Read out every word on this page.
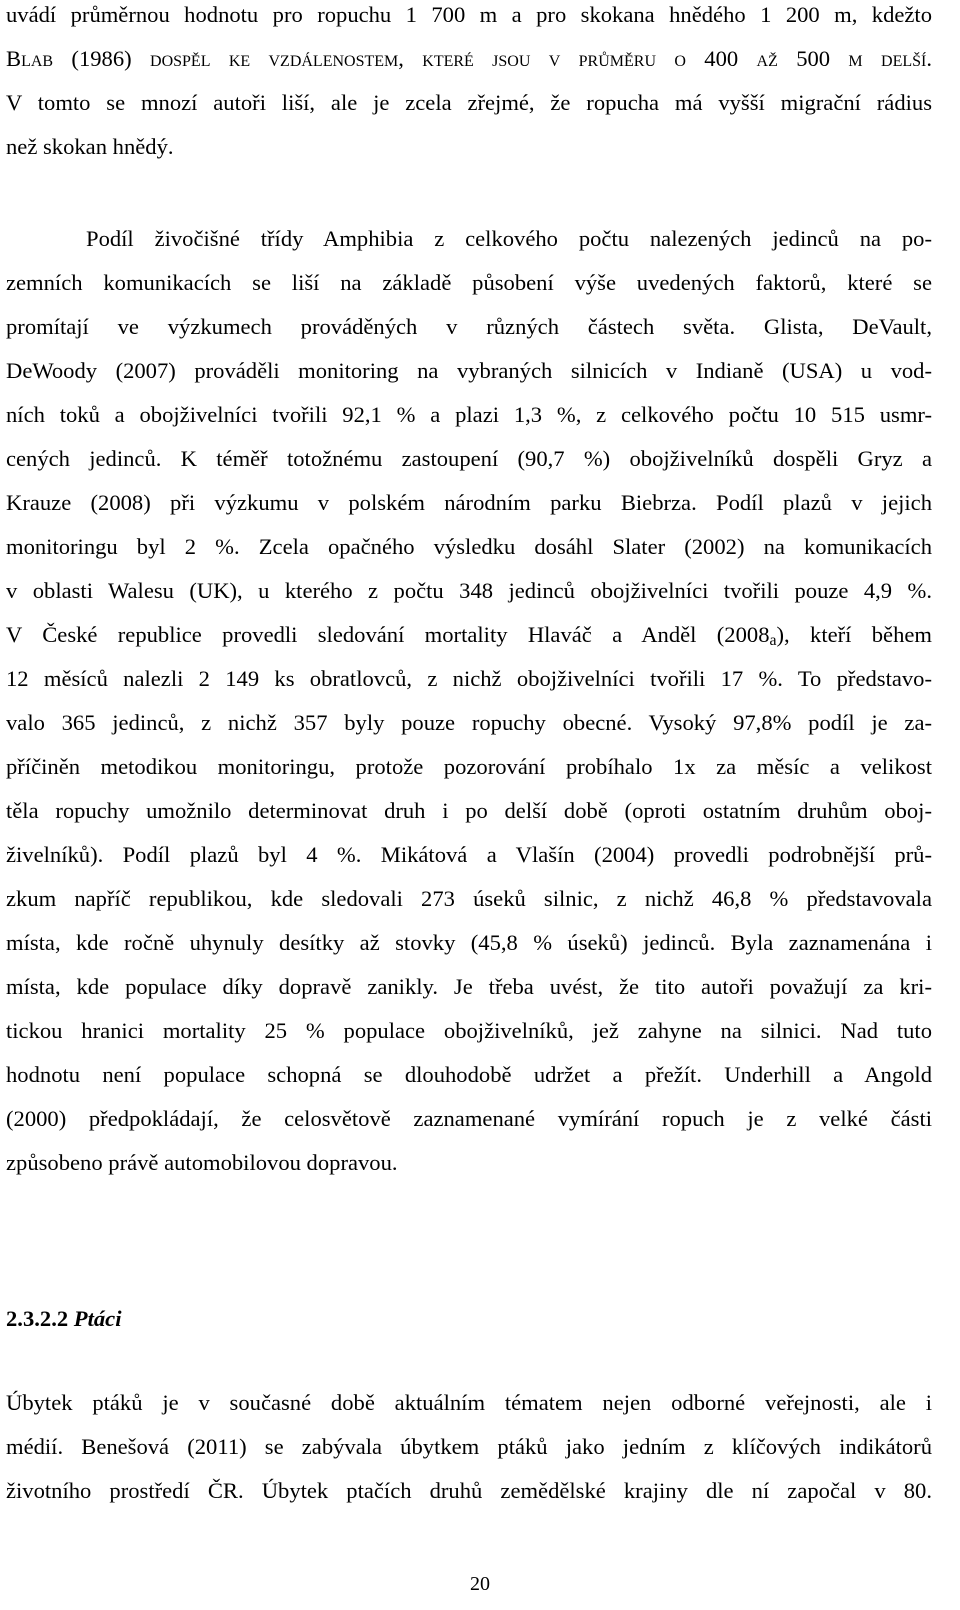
uvádí průměrnou hodnotu pro ropuchu 1 700 m a pro skokana hnědého 1 200 m, kdežto
Blab (1986) dospěl ke vzdálenostem, které jsou v průměru o 400 až 500 m delší.
V tomto se mnozí autoři liší, ale je zcela zřejmé, že ropucha má vyšší migrační rádius
než skokan hnědý.
Podíl živočišné třídy Amphibia z celkového počtu nalezených jedinců na po-
zemních komunikacích se liší na základě působení výše uvedených faktorů, které se
promítají ve výzkumech prováděných v různých částech světa. Glista, DeVault,
DeWoody (2007) prováděli monitoring na vybraných silnicích v Indianě (USA) u vod-
ních toků a obojživelníci tvořili 92,1 % a plazi 1,3 %, z celkového počtu 10 515 usmr-
cených jedinců. K téměř totožnému zastoupení (90,7 %) obojživelníků dospěli Gryz a
Krauze (2008) při výzkumu v polském národním parku Biebrza. Podíl plazů v jejich
monitoringu byl 2 %. Zcela opačného výsledku dosáhl Slater (2002) na komunikacích
v oblasti Walesu (UK), u kterého z počtu 348 jedinců obojživelníci tvořili pouze 4,9 %.
V České republice provedli sledování mortality Hlaváč a Anděl $(2008_a)$, kteří během
12 měsíců nalezli 2 149 ks obratlovců, z nichž obojživelníci tvořili 17 %. To představo-
valo 365 jedinců, z nichž 357 byly pouze ropuchy obecné. Vysoký 97,8% podíl je za-
příčiněn metodikou monitoringu, protože pozorování probíhalo 1x za měsíc a velikost
těla ropuchy umožnilo determinovat druh i po delší době (oproti ostatním druhům oboj-
živelníků). Podíl plazů byl 4 %. Mikátová a Vlašín (2004) provedli podrobnější prů-
zkum napříč republikou, kde sledovali 273 úseků silnic, z nichž 46,8 % představovala
místa, kde ročně uhynuly desítky až stovky (45,8 % úseků) jedinců. Byla zaznamenána i
místa, kde populace díky dopravě zanikly. Je třeba uvést, že tito autoři považují za kri-
tickou hranici mortality 25 % populace obojživelníků, jež zahyne na silnici. Nad tuto
hodnotu není populace schopná se dlouhodobě udržet a přežít. Underhill a Angold
(2000) předpokládají, že celosvětově zaznamenané vymírání ropuch je z velké části
způsobeno právě automobilovou dopravou.
2.3.2.2 Ptáci
Úbytek ptáků je v současné době aktuálním tématem nejen odborné veřejnosti, ale i
médií. Benešová (2011) se zabývala úbytkem ptáků jako jedním z klíčových indikátorů
životního prostředí ČR. Úbytek ptačích druhů zemědělské krajiny dle ní započal v 80.
20
